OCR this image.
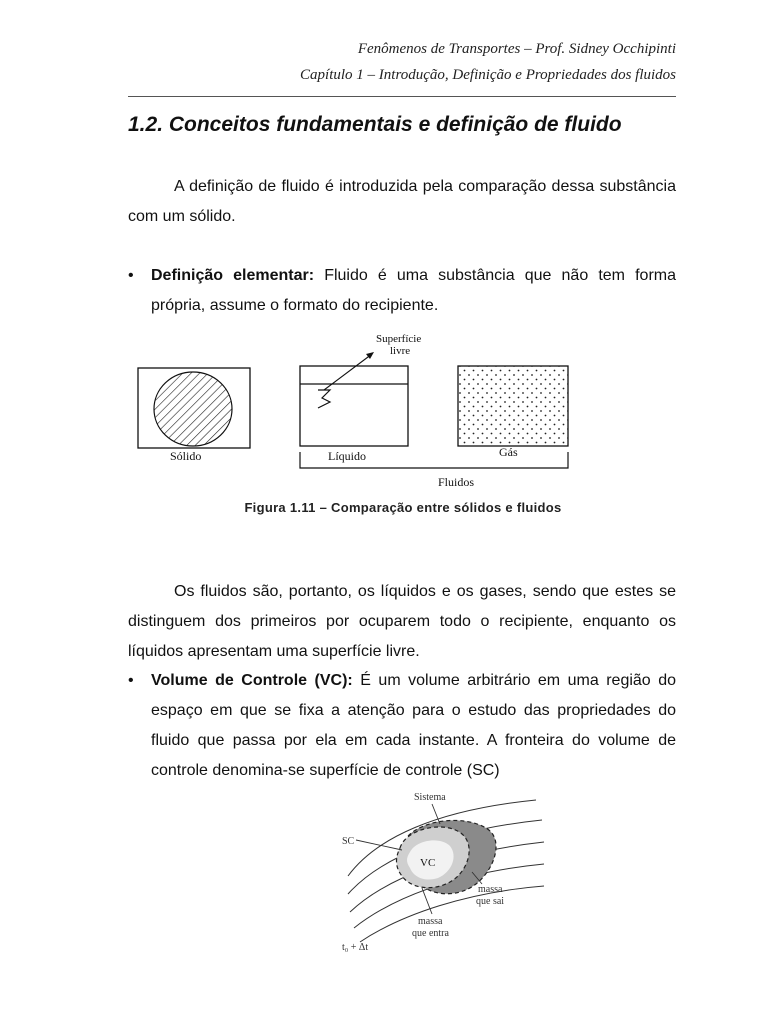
Fenômenos de Transportes – Prof. Sidney Occhipinti
Capítulo 1 – Introdução, Definição e Propriedades dos fluidos
1.2. Conceitos fundamentais e definição de fluido
A definição de fluido é introduzida pela comparação dessa substância com um sólido.
• Definição elementar: Fluido é uma substância que não tem forma própria, assume o formato do recipiente.
Sólido
Superfície
livre
Líquido	Gás
Fluidos
Figura 1.11 – Comparação entre sólidos e fluidos
Os fluidos são, portanto, os líquidos e os gases, sendo que estes se distinguem dos primeiros por ocuparem todo o recipiente, enquanto os líquidos apresentam uma superfície livre.
• Volume de Controle (VC): É um volume arbitrário em uma região do espaço em que se fixa a atenção para o estudo das propriedades do fluido que passa por ela em cada instante. A fronteira do volume de controle denomina-se superfície de controle (SC)
VC
Sistema
SC
massa
que sai
massa
que entra
t₀ + Δt
